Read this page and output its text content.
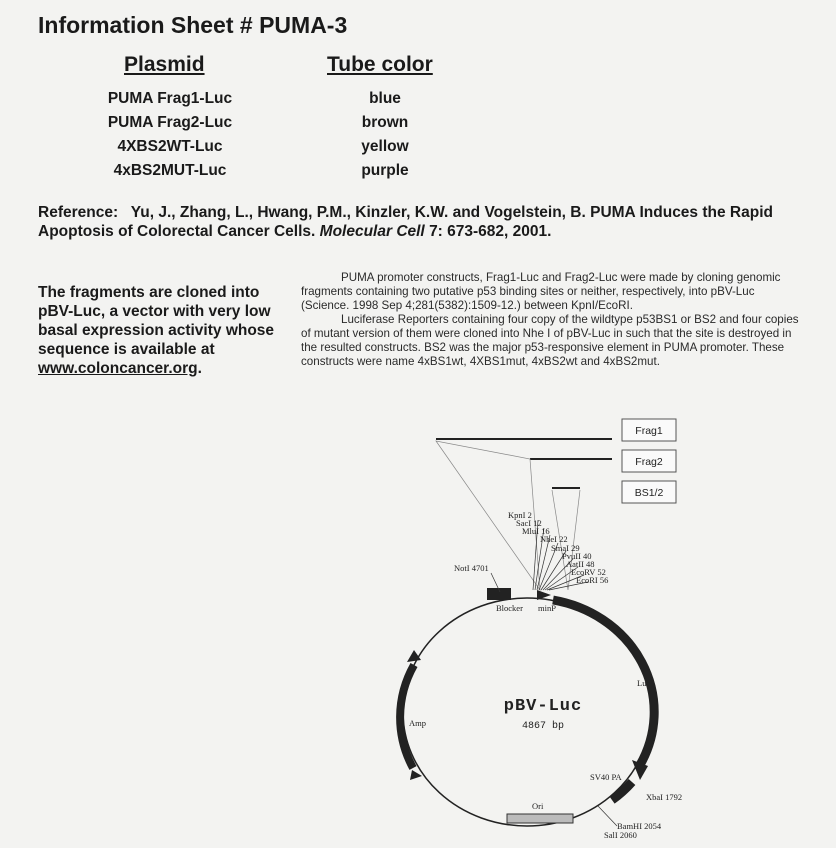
Information Sheet # PUMA-3
Plasmid	Tube color
PUMA Frag1-Luc
PUMA Frag2-Luc
4XBS2WT-Luc
4xBS2MUT-Luc
blue
brown
yellow
purple
Reference: Yu, J., Zhang, L., Hwang, P.M., Kinzler, K.W. and Vogelstein, B. PUMA Induces the Rapid Apoptosis of Colorectal Cancer Cells. Molecular Cell 7: 673-682, 2001.
The fragments are cloned into pBV-Luc, a vector with very low basal expression activity whose sequence is available at www.coloncancer.org.

PUMA promoter constructs, Frag1-Luc and Frag2-Luc were made by cloning genomic fragments containing two putative p53 binding sites or neither, respectively, into pBV-Luc (Science. 1998 Sep 4;281(5382):1509-12.) between KpnI/EcoRI.

Luciferase Reporters containing four copy of the wildtype p53BS1 or BS2 and four copies of mutant version of them were cloned into Nhe I of pBV-Luc in such that the site is destroyed in the resulted constructs. BS2 was the major p53-responsive element in PUMA promoter. These constructs were name 4xBS1wt, 4XBS1mut, 4xBS2wt and 4xBS2mut.

Frag1
Frag2
BS1/2
KpnI 2
SacI 12
MluI 16
NheI 22
SmaI 29
PvuII 40
AatII 48
EcoRV 52
EcoRI 56
NotI 4701
Blocker minP
Luc
Amp
SV40 PA
XbaI 1792
Ori
BamHI 2054
SalI 2060
pBV-Luc
4867 bp
